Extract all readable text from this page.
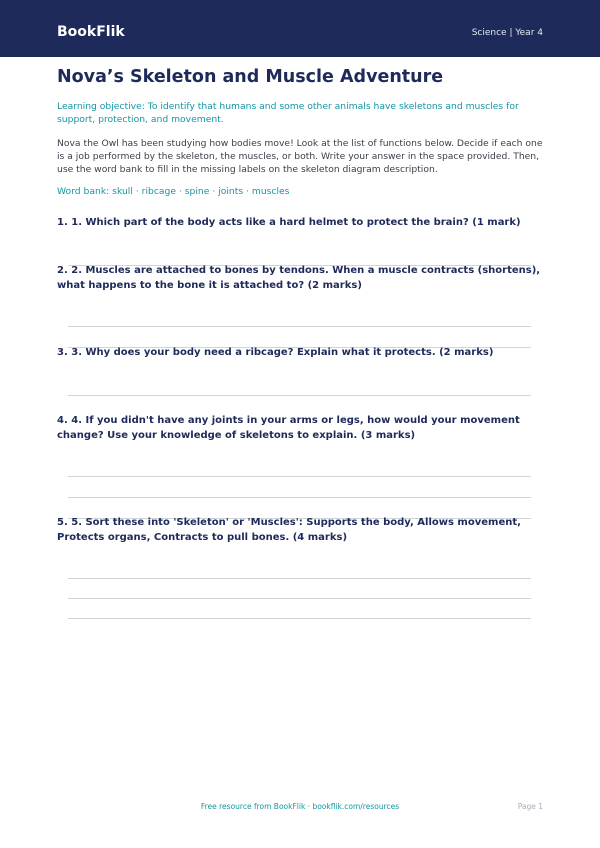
BookFlik	Science | Year 4
Nova’s Skeleton and Muscle Adventure

Learning objective: To identify that humans and some other animals have skeletons and muscles for support, protection, and movement.

Nova the Owl has been studying how bodies move! Look at the list of functions below. Decide if each one is a job performed by the skeleton, the muscles, or both. Write your answer in the space provided. Then, use the word bank to fill in the missing labels on the skeleton diagram description.

Word bank: skull · ribcage · spine · joints · muscles

1. 1. Which part of the body acts like a hard helmet to protect the brain? (1 mark)

2. 2. Muscles are attached to bones by tendons. When a muscle contracts (shortens), what happens to the bone it is attached to? (2 marks)

3. 3. Why does your body need a ribcage? Explain what it protects. (2 marks)

4. 4. If you didn't have any joints in your arms or legs, how would your movement change? Use your knowledge of skeletons to explain. (3 marks)

5. 5. Sort these into 'Skeleton' or 'Muscles': Supports the body, Allows movement, Protects organs, Contracts to pull bones. (4 marks)

Free resource from BookFlik · bookflik.com/resources	Page 1
